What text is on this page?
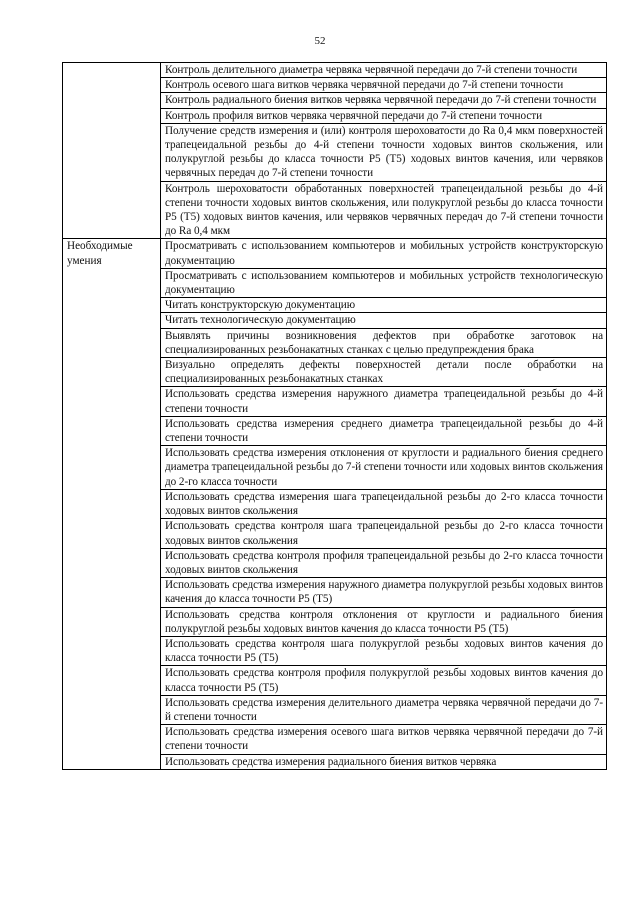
52
	Контроль делительного диаметра червяка червячной передачи до 7-й степени точности
	Контроль осевого шага витков червяка червячной передачи до 7-й степени точности
	Контроль радиального биения витков червяка червячной передачи до 7-й степени точности
	Контроль профиля витков червяка червячной передачи до 7-й степени точности
	Получение средств измерения и (или) контроля шероховатости до Ra 0,4 мкм поверхностей трапецеидальной резьбы до 4-й степени точности ходовых винтов скольжения, или полукруглой резьбы до класса точности P5 (T5) ходовых винтов качения, или червяков червячных передач до 7-й степени точности
	Контроль шероховатости обработанных поверхностей трапецеидальной резьбы до 4-й степени точности ходовых винтов скольжения, или полукруглой резьбы до класса точности P5 (T5) ходовых винтов качения, или червяков червячных передач до 7-й степени точности до Ra 0,4 мкм
Необходимые умения	Просматривать с использованием компьютеров и мобильных устройств конструкторскую документацию
	Просматривать с использованием компьютеров и мобильных устройств технологическую документацию
	Читать конструкторскую документацию
	Читать технологическую документацию
	Выявлять причины возникновения дефектов при обработке заготовок на специализированных резьбонакатных станках с целью предупреждения брака
	Визуально определять дефекты поверхностей детали после обработки на специализированных резьбонакатных станках
	Использовать средства измерения наружного диаметра трапецеидальной резьбы до 4-й степени точности
	Использовать средства измерения среднего диаметра трапецеидальной резьбы до 4-й степени точности
	Использовать средства измерения отклонения от круглости и радиального биения среднего диаметра трапецеидальной резьбы до 7-й степени точности или ходовых винтов скольжения до 2-го класса точности
	Использовать средства измерения шага трапецеидальной резьбы до 2-го класса точности ходовых винтов скольжения
	Использовать средства контроля шага трапецеидальной резьбы до 2-го класса точности ходовых винтов скольжения
	Использовать средства контроля профиля трапецеидальной резьбы до 2-го класса точности ходовых винтов скольжения
	Использовать средства измерения наружного диаметра полукруглой резьбы ходовых винтов качения до класса точности P5 (T5)
	Использовать средства контроля отклонения от круглости и радиального биения полукруглой резьбы ходовых винтов качения до класса точности P5 (T5)
	Использовать средства контроля шага полукруглой резьбы ходовых винтов качения до класса точности P5 (T5)
	Использовать средства контроля профиля полукруглой резьбы ходовых винтов качения до класса точности P5 (T5)
	Использовать средства измерения делительного диаметра червяка червячной передачи до 7-й степени точности
	Использовать средства измерения осевого шага витков червяка червячной передачи до 7-й степени точности
	Использовать средства измерения радиального биения витков червяка
